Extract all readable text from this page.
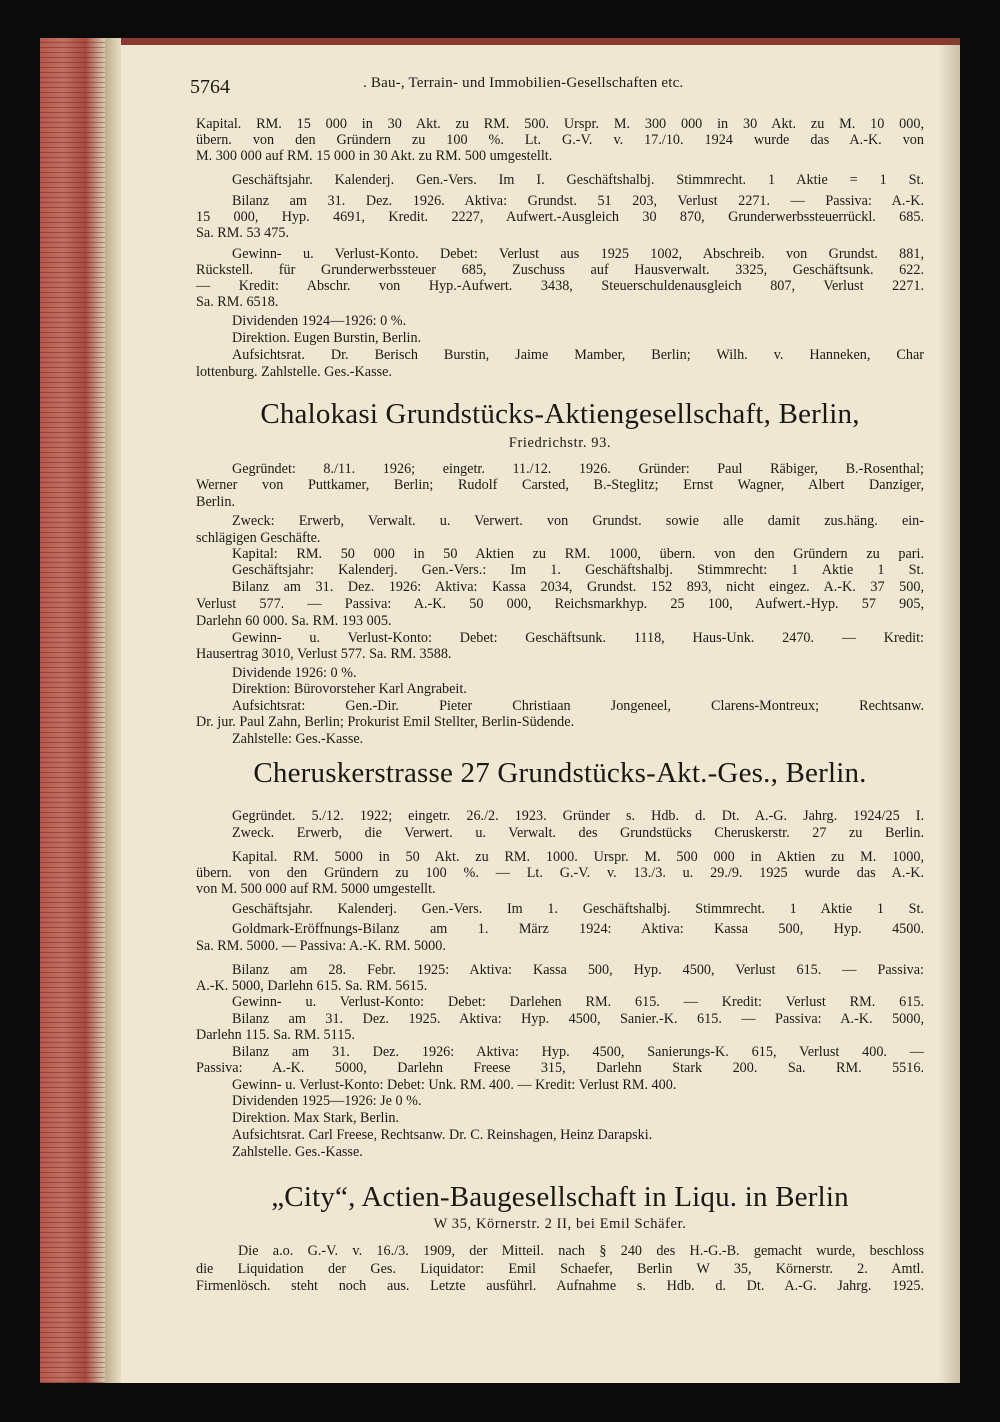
5764	. Bau-, Terrain- und Immobilien-Gesellschaften etc.
Chalokasi Grundstücks-Aktiengesellschaft, Berlin,
Cheruskerstrasse 27 Grundstücks-Akt.-Ges., Berlin.
„City“, Actien-Baugesellschaft in Liqu. in Berlin
Friedrichstr. 93.
W 35, Körnerstr. 2 II, bei Emil Schäfer.
Kapital. RM. 15 000 in 30 Akt. zu RM. 500. Urspr. M. 300 000 in 30 Akt. zu M. 10 000,
übern. von den Gründern zu 100 %. Lt. G.-V. v. 17./10. 1924 wurde das A.-K. von
M. 300 000 auf RM. 15 000 in 30 Akt. zu RM. 500 umgestellt.
Geschäftsjahr. Kalenderj. Gen.-Vers. Im I. Geschäftshalbj. Stimmrecht. 1 Aktie = 1 St.
Bilanz am 31. Dez. 1926. Aktiva: Grundst. 51 203, Verlust 2271. — Passiva: A.-K.
15 000, Hyp. 4691, Kredit. 2227, Aufwert.-Ausgleich 30 870, Grunderwerbssteuerrückl. 685.
Sa. RM. 53 475.
Gewinn- u. Verlust-Konto. Debet: Verlust aus 1925 1002, Abschreib. von Grundst. 881,
Rückstell. für Grunderwerbssteuer 685, Zuschuss auf Hausverwalt. 3325, Geschäftsunk. 622.
— Kredit: Abschr. von Hyp.-Aufwert. 3438, Steuerschuldenausgleich 807, Verlust 2271.
Sa. RM. 6518.
Dividenden 1924—1926: 0 %.
Direktion. Eugen Burstin, Berlin.
Aufsichtsrat. Dr. Berisch Burstin, Jaime Mamber, Berlin; Wilh. v. Hanneken, Char
lottenburg. Zahlstelle. Ges.-Kasse.
Gegründet: 8./11. 1926; eingetr. 11./12. 1926. Gründer: Paul Räbiger, B.-Rosenthal;
Werner von Puttkamer, Berlin; Rudolf Carsted, B.-Steglitz; Ernst Wagner, Albert Danziger,
Berlin.
Zweck: Erwerb, Verwalt. u. Verwert. von Grundst. sowie alle damit zus.häng. ein-
schlägigen Geschäfte.
Kapital: RM. 50 000 in 50 Aktien zu RM. 1000, übern. von den Gründern zu pari.
Geschäftsjahr: Kalenderj. Gen.-Vers.: Im 1. Geschäftshalbj. Stimmrecht: 1 Aktie 1 St.
Bilanz am 31. Dez. 1926: Aktiva: Kassa 2034, Grundst. 152 893, nicht eingez. A.-K. 37 500,
Verlust 577. — Passiva: A.-K. 50 000, Reichsmarkhyp. 25 100, Aufwert.-Hyp. 57 905,
Darlehn 60 000. Sa. RM. 193 005.
Gewinn- u. Verlust-Konto: Debet: Geschäftsunk. 1118, Haus-Unk. 2470. — Kredit:
Hausertrag 3010, Verlust 577. Sa. RM. 3588.
Dividende 1926: 0 %.
Direktion: Bürovorsteher Karl Angrabeit.
Aufsichtsrat: Gen.-Dir. Pieter Christiaan Jongeneel, Clarens-Montreux; Rechtsanw.
Dr. jur. Paul Zahn, Berlin; Prokurist Emil Stellter, Berlin-Südende.
Zahlstelle: Ges.-Kasse.
Gegründet. 5./12. 1922; eingetr. 26./2. 1923. Gründer s. Hdb. d. Dt. A.-G. Jahrg. 1924/25 I.
Zweck. Erwerb, die Verwert. u. Verwalt. des Grundstücks Cheruskerstr. 27 zu Berlin.
Kapital. RM. 5000 in 50 Akt. zu RM. 1000. Urspr. M. 500 000 in Aktien zu M. 1000,
übern. von den Gründern zu 100 %. — Lt. G.-V. v. 13./3. u. 29./9. 1925 wurde das A.-K.
von M. 500 000 auf RM. 5000 umgestellt.
Geschäftsjahr. Kalenderj. Gen.-Vers. Im 1. Geschäftshalbj. Stimmrecht. 1 Aktie 1 St.
Goldmark-Eröffnungs-Bilanz am 1. März 1924: Aktiva: Kassa 500, Hyp. 4500.
Sa. RM. 5000. — Passiva: A.-K. RM. 5000.
Bilanz am 28. Febr. 1925: Aktiva: Kassa 500, Hyp. 4500, Verlust 615. — Passiva:
A.-K. 5000, Darlehn 615. Sa. RM. 5615.
Gewinn- u. Verlust-Konto: Debet: Darlehen RM. 615. — Kredit: Verlust RM. 615.
Bilanz am 31. Dez. 1925. Aktiva: Hyp. 4500, Sanier.-K. 615. — Passiva: A.-K. 5000,
Darlehn 115. Sa. RM. 5115.
Bilanz am 31. Dez. 1926: Aktiva: Hyp. 4500, Sanierungs-K. 615, Verlust 400. —
Passiva: A.-K. 5000, Darlehn Freese 315, Darlehn Stark 200. Sa. RM. 5516.
Gewinn- u. Verlust-Konto: Debet: Unk. RM. 400. — Kredit: Verlust RM. 400.
Dividenden 1925—1926: Je 0 %.
Direktion. Max Stark, Berlin.
Aufsichtsrat. Carl Freese, Rechtsanw. Dr. C. Reinshagen, Heinz Darapski.
Zahlstelle. Ges.-Kasse.
Die a.o. G.-V. v. 16./3. 1909, der Mitteil. nach § 240 des H.-G.-B. gemacht wurde, beschloss
die Liquidation der Ges. Liquidator: Emil Schaefer, Berlin W 35, Körnerstr. 2. Amtl.
Firmenlösch. steht noch aus. Letzte ausführl. Aufnahme s. Hdb. d. Dt. A.-G. Jahrg. 1925.
